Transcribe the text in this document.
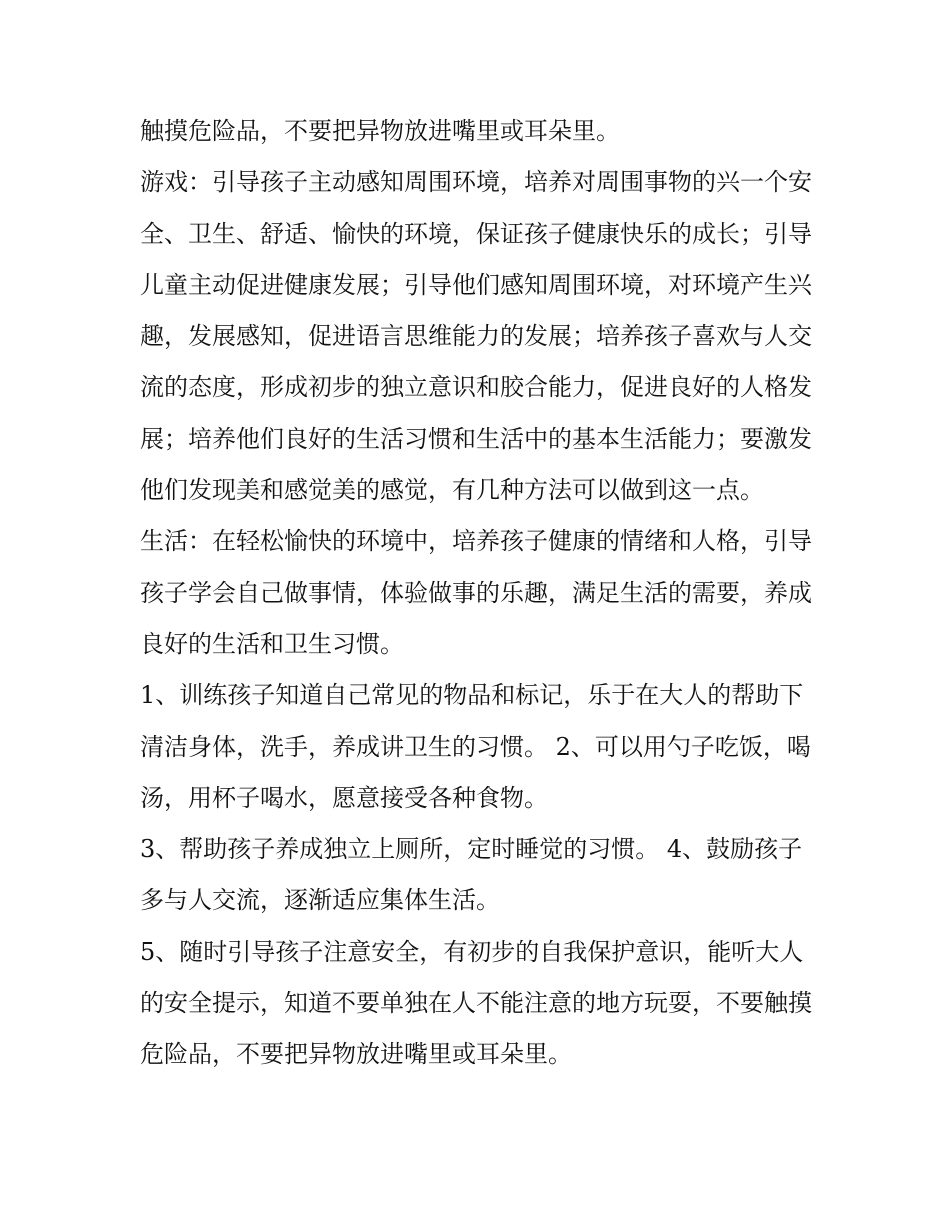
触摸危险品，不要把异物放进嘴里或耳朵里。

游戏：引导孩子主动感知周围环境，培养对周围事物的兴一个安全、卫生、舒适、愉快的环境，保证孩子健康快乐的成长；引导儿童主动促进健康发展；引导他们感知周围环境，对环境产生兴趣，发展感知，促进语言思维能力的发展；培养孩子喜欢与人交流的态度，形成初步的独立意识和胶合能力，促进良好的人格发展；培养他们良好的生活习惯和生活中的基本生活能力；要激发他们发现美和感觉美的感觉，有几种方法可以做到这一点。

生活：在轻松愉快的环境中，培养孩子健康的情绪和人格，引导孩子学会自己做事情，体验做事的乐趣，满足生活的需要，养成良好的生活和卫生习惯。

1、训练孩子知道自己常见的物品和标记，乐于在大人的帮助下清洁身体，洗手，养成讲卫生的习惯。 2、可以用勺子吃饭，喝汤，用杯子喝水，愿意接受各种食物。

3、帮助孩子养成独立上厕所，定时睡觉的习惯。 4、鼓励孩子多与人交流，逐渐适应集体生活。

5、随时引导孩子注意安全，有初步的自我保护意识，能听大人的安全提示，知道不要单独在人不能注意的地方玩耍，不要触摸危险品，不要把异物放进嘴里或耳朵里。
